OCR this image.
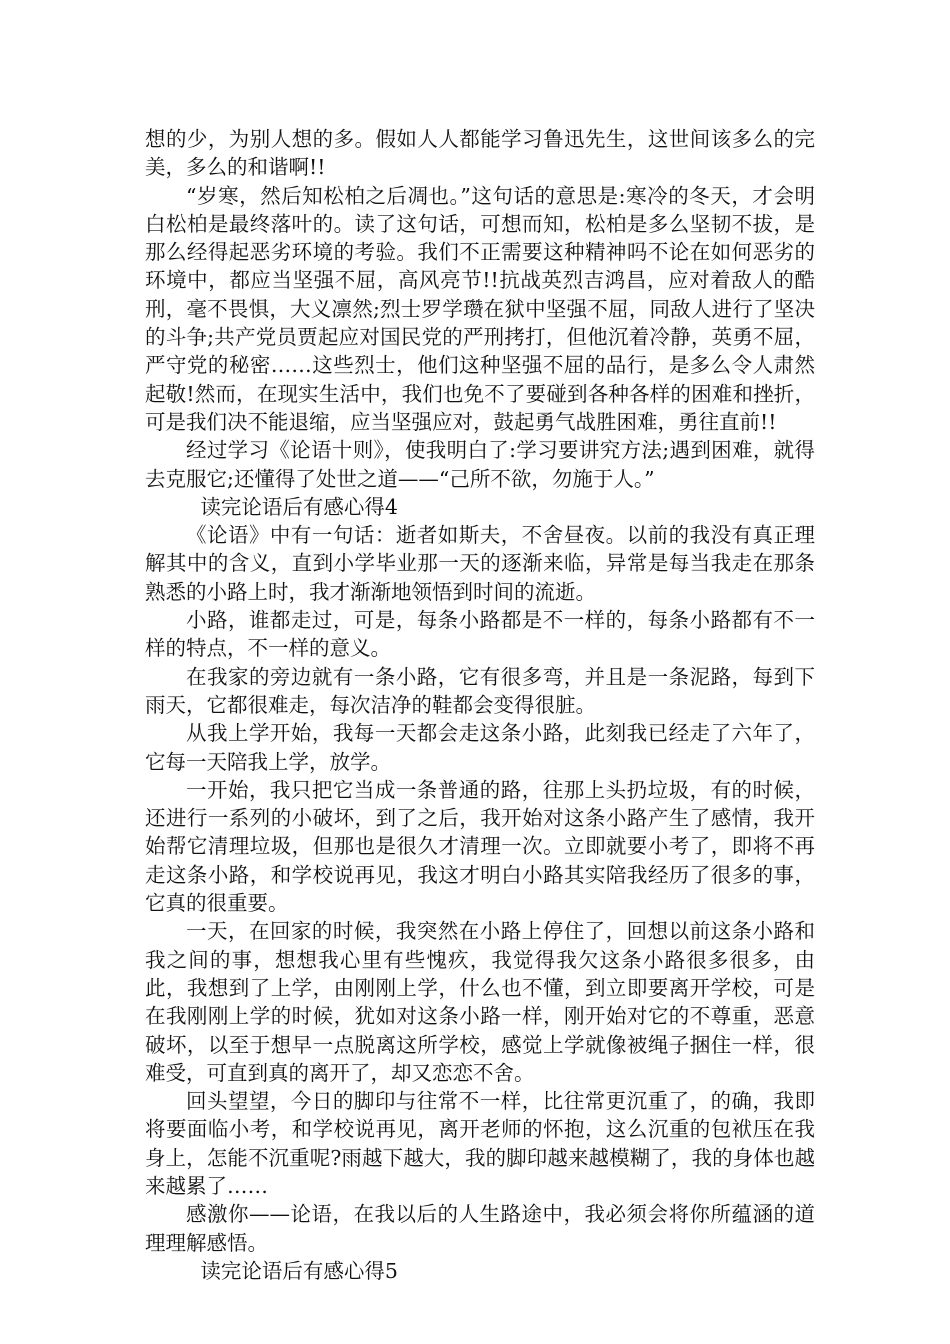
想的少，为别人想的多。假如人人都能学习鲁迅先生，这世间该多么的完美，多么的和谐啊!!

“岁寒，然后知松柏之后凋也。”这句话的意思是:寒冷的冬天，才会明白松柏是最终落叶的。读了这句话，可想而知，松柏是多么坚韧不拔，是那么经得起恶劣环境的考验。我们不正需要这种精神吗不论在如何恶劣的环境中，都应当坚强不屈，高风亮节!!抗战英烈吉鸿昌，应对着敌人的酷刑，毫不畏惧，大义凛然;烈士罗学瓒在狱中坚强不屈，同敌人进行了坚决的斗争;共产党员贾起应对国民党的严刑拷打，但他沉着冷静，英勇不屈，严守党的秘密……这些烈士，他们这种坚强不屈的品行，是多么令人肃然起敬!然而，在现实生活中，我们也免不了要碰到各种各样的困难和挫折，可是我们决不能退缩，应当坚强应对，鼓起勇气战胜困难，勇往直前!!

经过学习《论语十则》，使我明白了:学习要讲究方法;遇到困难，就得去克服它;还懂得了处世之道——“己所不欲，勿施于人。”

读完论语后有感心得4

《论语》中有一句话：逝者如斯夫，不舍昼夜。以前的我没有真正理解其中的含义，直到小学毕业那一天的逐渐来临，异常是每当我走在那条熟悉的小路上时，我才渐渐地领悟到时间的流逝。

小路，谁都走过，可是，每条小路都是不一样的，每条小路都有不一样的特点，不一样的意义。

在我家的旁边就有一条小路，它有很多弯，并且是一条泥路，每到下雨天，它都很难走，每次洁净的鞋都会变得很脏。

从我上学开始，我每一天都会走这条小路，此刻我已经走了六年了，它每一天陪我上学，放学。

一开始，我只把它当成一条普通的路，往那上头扔垃圾，有的时候，还进行一系列的小破坏，到了之后，我开始对这条小路产生了感情，我开始帮它清理垃圾，但那也是很久才清理一次。立即就要小考了，即将不再走这条小路，和学校说再见，我这才明白小路其实陪我经历了很多的事，它真的很重要。

一天，在回家的时候，我突然在小路上停住了，回想以前这条小路和我之间的事，想想我心里有些愧疚，我觉得我欠这条小路很多很多，由此，我想到了上学，由刚刚上学，什么也不懂，到立即要离开学校，可是在我刚刚上学的时候，犹如对这条小路一样，刚开始对它的不尊重，恶意破坏，以至于想早一点脱离这所学校，感觉上学就像被绳子捆住一样，很难受，可直到真的离开了，却又恋恋不舍。

回头望望，今日的脚印与往常不一样，比往常更沉重了，的确，我即将要面临小考，和学校说再见，离开老师的怀抱，这么沉重的包袱压在我身上，怎能不沉重呢?雨越下越大，我的脚印越来越模糊了，我的身体也越来越累了……

感激你——论语，在我以后的人生路途中，我必须会将你所蕴涵的道理理解感悟。

读完论语后有感心得5
